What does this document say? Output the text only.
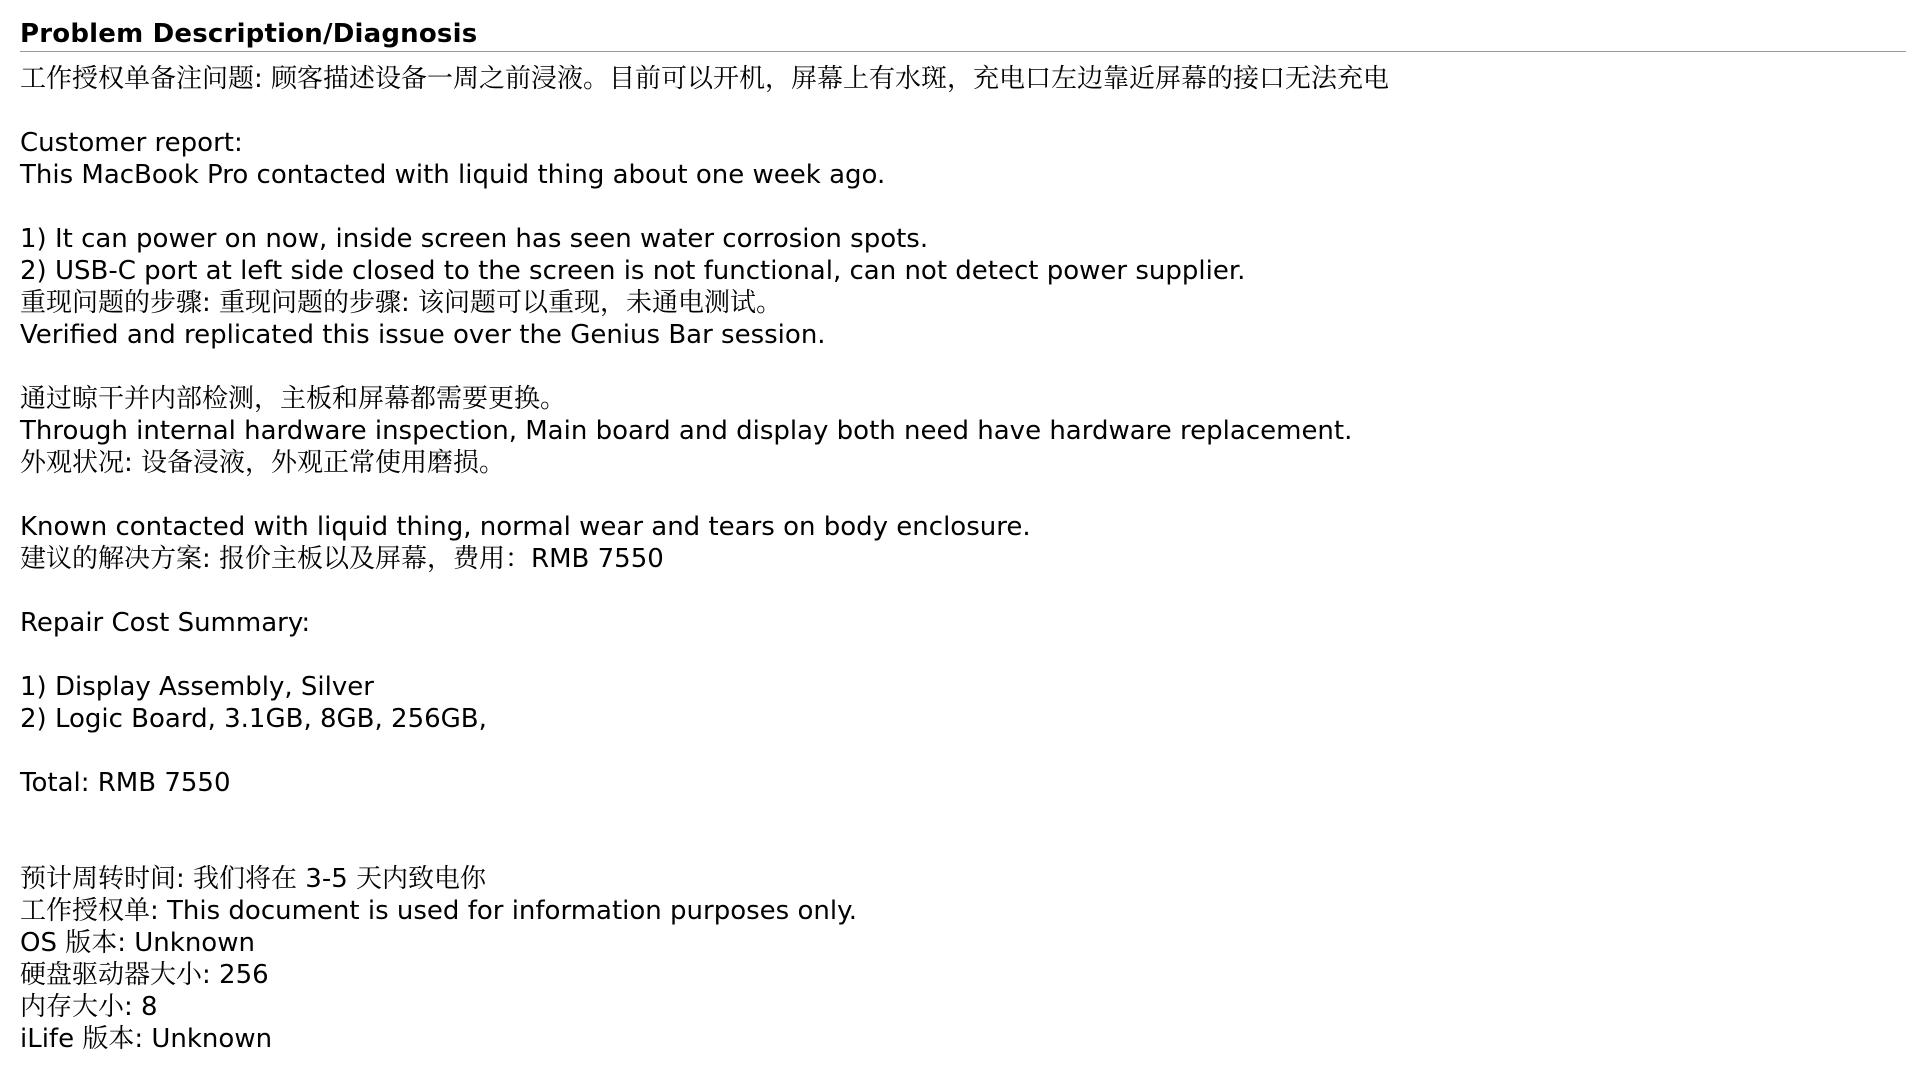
Problem Description/Diagnosis
工作授权单备注问题: 顾客描述设备一周之前浸液。目前可以开机，屏幕上有水斑，充电口左边靠近屏幕的接口无法充电
Customer report:
This MacBook Pro contacted with liquid thing about one week ago.
1) It can power on now, inside screen has seen water corrosion spots.
2) USB-C port at left side closed to the screen is not functional, can not detect power supplier.
重现问题的步骤: 重现问题的步骤: 该问题可以重现，未通电测试。
Verified and replicated this issue over the Genius Bar session.
通过晾干并内部检测，主板和屏幕都需要更换。
Through internal hardware inspection, Main board and display both need have hardware replacement.
外观状况: 设备浸液，外观正常使用磨损。
Known contacted with liquid thing, normal wear and tears on body enclosure.
建议的解决方案: 报价主板以及屏幕，费用：RMB 7550
Repair Cost Summary:
1) Display Assembly, Silver
2) Logic Board, 3.1GB, 8GB, 256GB,
Total: RMB 7550
预计周转时间: 我们将在 3-5 天内致电你
工作授权单: This document is used for information purposes only.
OS 版本: Unknown
硬盘驱动器大小: 256
内存大小: 8
iLife 版本: Unknown
